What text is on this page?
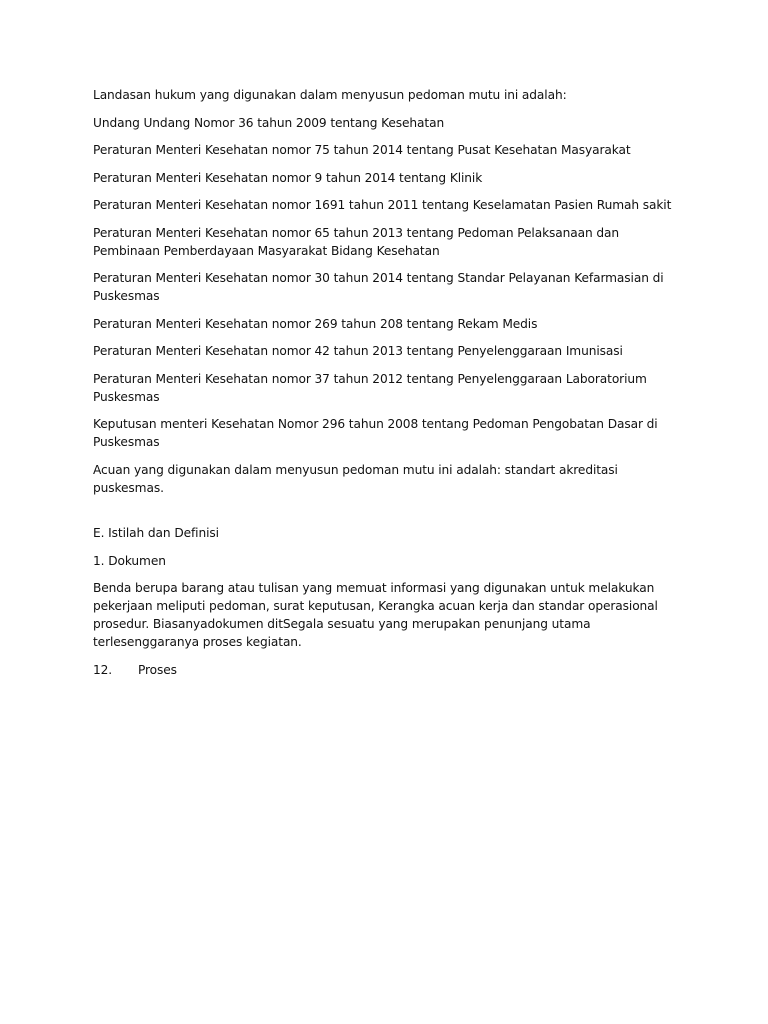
Landasan hukum yang digunakan dalam menyusun pedoman mutu ini adalah:

Undang Undang Nomor 36 tahun 2009 tentang Kesehatan

Peraturan Menteri Kesehatan nomor 75 tahun 2014 tentang Pusat Kesehatan Masyarakat

Peraturan Menteri Kesehatan nomor 9 tahun 2014 tentang Klinik

Peraturan Menteri Kesehatan nomor 1691 tahun 2011 tentang Keselamatan Pasien Rumah sakit

Peraturan Menteri Kesehatan nomor 65 tahun 2013 tentang Pedoman Pelaksanaan dan Pembinaan Pemberdayaan Masyarakat Bidang Kesehatan

Peraturan Menteri Kesehatan nomor 30 tahun 2014 tentang Standar Pelayanan Kefarmasian di Puskesmas

Peraturan Menteri Kesehatan nomor 269 tahun 208 tentang Rekam Medis

Peraturan Menteri Kesehatan nomor 42 tahun 2013 tentang Penyelenggaraan Imunisasi

Peraturan Menteri Kesehatan nomor 37 tahun 2012 tentang Penyelenggaraan Laboratorium Puskesmas

Keputusan menteri Kesehatan Nomor 296 tahun 2008 tentang Pedoman Pengobatan Dasar di Puskesmas

Acuan yang digunakan dalam menyusun pedoman mutu ini adalah: standart akreditasi puskesmas.

E. Istilah dan Definisi

1. Dokumen

Benda berupa barang atau tulisan yang memuat informasi yang digunakan untuk melakukan pekerjaan meliputi pedoman, surat keputusan, Kerangka acuan kerja dan standar operasional prosedur. Biasanyadokumen ditSegala sesuatu yang merupakan penunjang utama terlesenggaranya proses kegiatan.

12.	Proses
